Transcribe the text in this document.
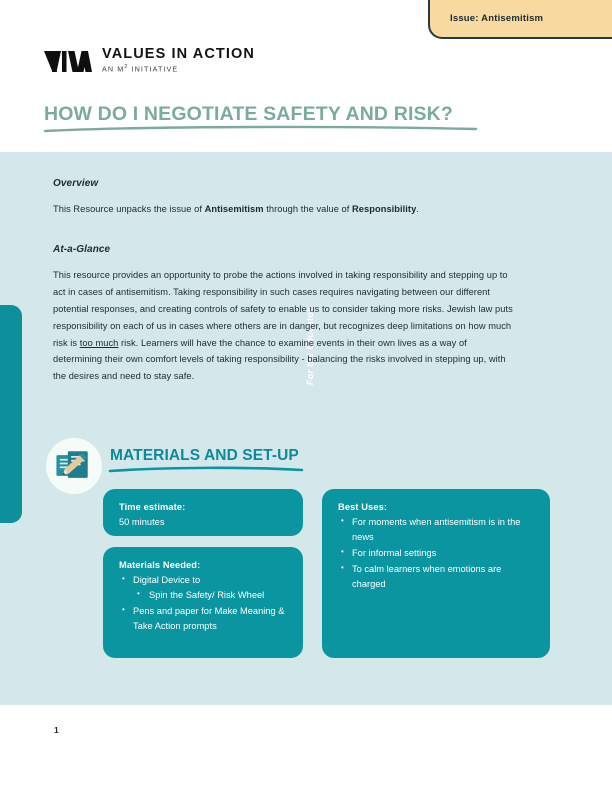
Issue: Antisemitism
VALUES IN ACTION
AN $M^2$ INITIATIVE
HOW DO I NEGOTIATE SAFETY AND RISK?
For the Educator
Overview
This Resource unpacks the issue of Antisemitism through the value of Responsibility.
At-a-Glance
This resource provides an opportunity to probe the actions involved in taking responsibility and stepping up to act in cases of antisemitism. Taking responsibility in such cases requires navigating between our different potential responses, and creating controls of safety to enable us to consider taking more risks. Jewish law puts responsibility on each of us in cases where others are in danger, but recognizes deep limitations on how much risk is too much risk. Learners will have the chance to examine events in their own lives as a way of determining their own comfort levels of taking responsibility - balancing the risks involved in stepping up, with the desires and need to stay safe.
MATERIALS AND SET-UP
Time estimate:
50 minutes
Materials Needed:
• Digital Device to
• Spin the Safety/ Risk Wheel
• Pens and paper for Make Meaning & Take Action prompts
Best Uses:
• For moments when antisemitism is in the news
• For informal settings
• To calm learners when emotions are charged
1
